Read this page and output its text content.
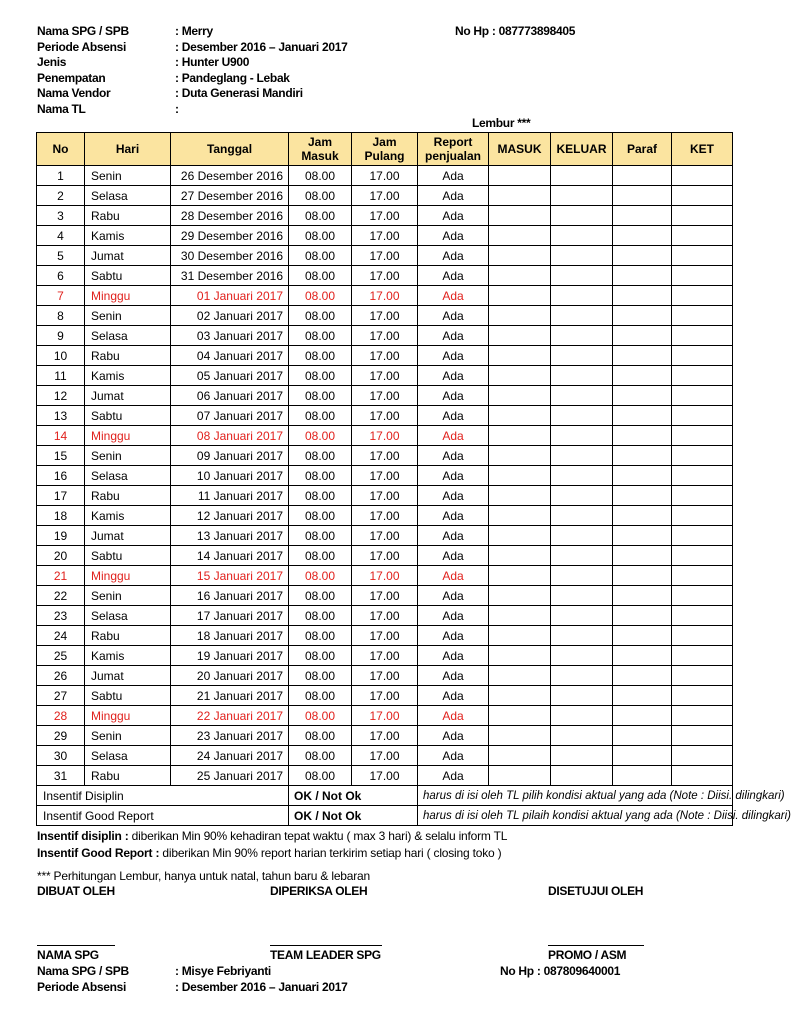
Nama SPG / SPB	: Merry	No Hp : 087773898405
Periode Absensi	: Desember 2016 – Januari 2017
Jenis	: Hunter U900
Penempatan	: Pandeglang - Lebak
Nama Vendor	: Duta Generasi Mandiri
Nama TL	:
Lembur ***
No	Hari	Tanggal	Jam Masuk	Jam Pulang	Report penjualan	MASUK	KELUAR	Paraf	KET
1	Senin	26 Desember 2016	08.00	17.00	Ada				
2	Selasa	27 Desember 2016	08.00	17.00	Ada				
3	Rabu	28 Desember 2016	08.00	17.00	Ada				
4	Kamis	29 Desember 2016	08.00	17.00	Ada				
5	Jumat	30 Desember 2016	08.00	17.00	Ada				
6	Sabtu	31 Desember 2016	08.00	17.00	Ada				
7	Minggu	01 Januari 2017	08.00	17.00	Ada				
8	Senin	02 Januari 2017	08.00	17.00	Ada				
9	Selasa	03 Januari 2017	08.00	17.00	Ada				
10	Rabu	04 Januari 2017	08.00	17.00	Ada				
11	Kamis	05 Januari 2017	08.00	17.00	Ada				
12	Jumat	06 Januari 2017	08.00	17.00	Ada				
13	Sabtu	07 Januari 2017	08.00	17.00	Ada				
14	Minggu	08 Januari 2017	08.00	17.00	Ada				
15	Senin	09 Januari 2017	08.00	17.00	Ada				
16	Selasa	10 Januari 2017	08.00	17.00	Ada				
17	Rabu	11 Januari 2017	08.00	17.00	Ada				
18	Kamis	12 Januari 2017	08.00	17.00	Ada				
19	Jumat	13 Januari 2017	08.00	17.00	Ada				
20	Sabtu	14 Januari 2017	08.00	17.00	Ada				
21	Minggu	15 Januari 2017	08.00	17.00	Ada				
22	Senin	16 Januari 2017	08.00	17.00	Ada				
23	Selasa	17 Januari 2017	08.00	17.00	Ada				
24	Rabu	18 Januari 2017	08.00	17.00	Ada				
25	Kamis	19 Januari 2017	08.00	17.00	Ada				
26	Jumat	20 Januari 2017	08.00	17.00	Ada				
27	Sabtu	21 Januari 2017	08.00	17.00	Ada				
28	Minggu	22 Januari 2017	08.00	17.00	Ada				
29	Senin	23 Januari 2017	08.00	17.00	Ada				
30	Selasa	24 Januari 2017	08.00	17.00	Ada				
31	Rabu	25 Januari 2017	08.00	17.00	Ada				
Insentif Disiplin			OK / Not Ok		harus di isi oleh TL pilih kondisi aktual yang ada (Note : Diisi. dilingkari)				
Insentif Good Report			OK / Not Ok		harus di isi oleh TL pilaih kondisi aktual yang ada (Note : Diisi. dilingkari)				
Insentif disiplin : diberikan Min 90% kehadiran tepat waktu ( max 3 hari) & selalu inform TL
Insentif Good Report : diberikan Min 90% report harian terkirim setiap hari ( closing toko )
*** Perhitungan Lembur, hanya untuk natal, tahun baru & lebaran
DIBUAT OLEH	DIPERIKSA OLEH	DISETUJUI OLEH
NAMA SPG	TEAM LEADER SPG	PROMO / ASM
Nama SPG / SPB	: Misye Febriyanti	No Hp : 087809640001
Periode Absensi	: Desember 2016 – Januari 2017
